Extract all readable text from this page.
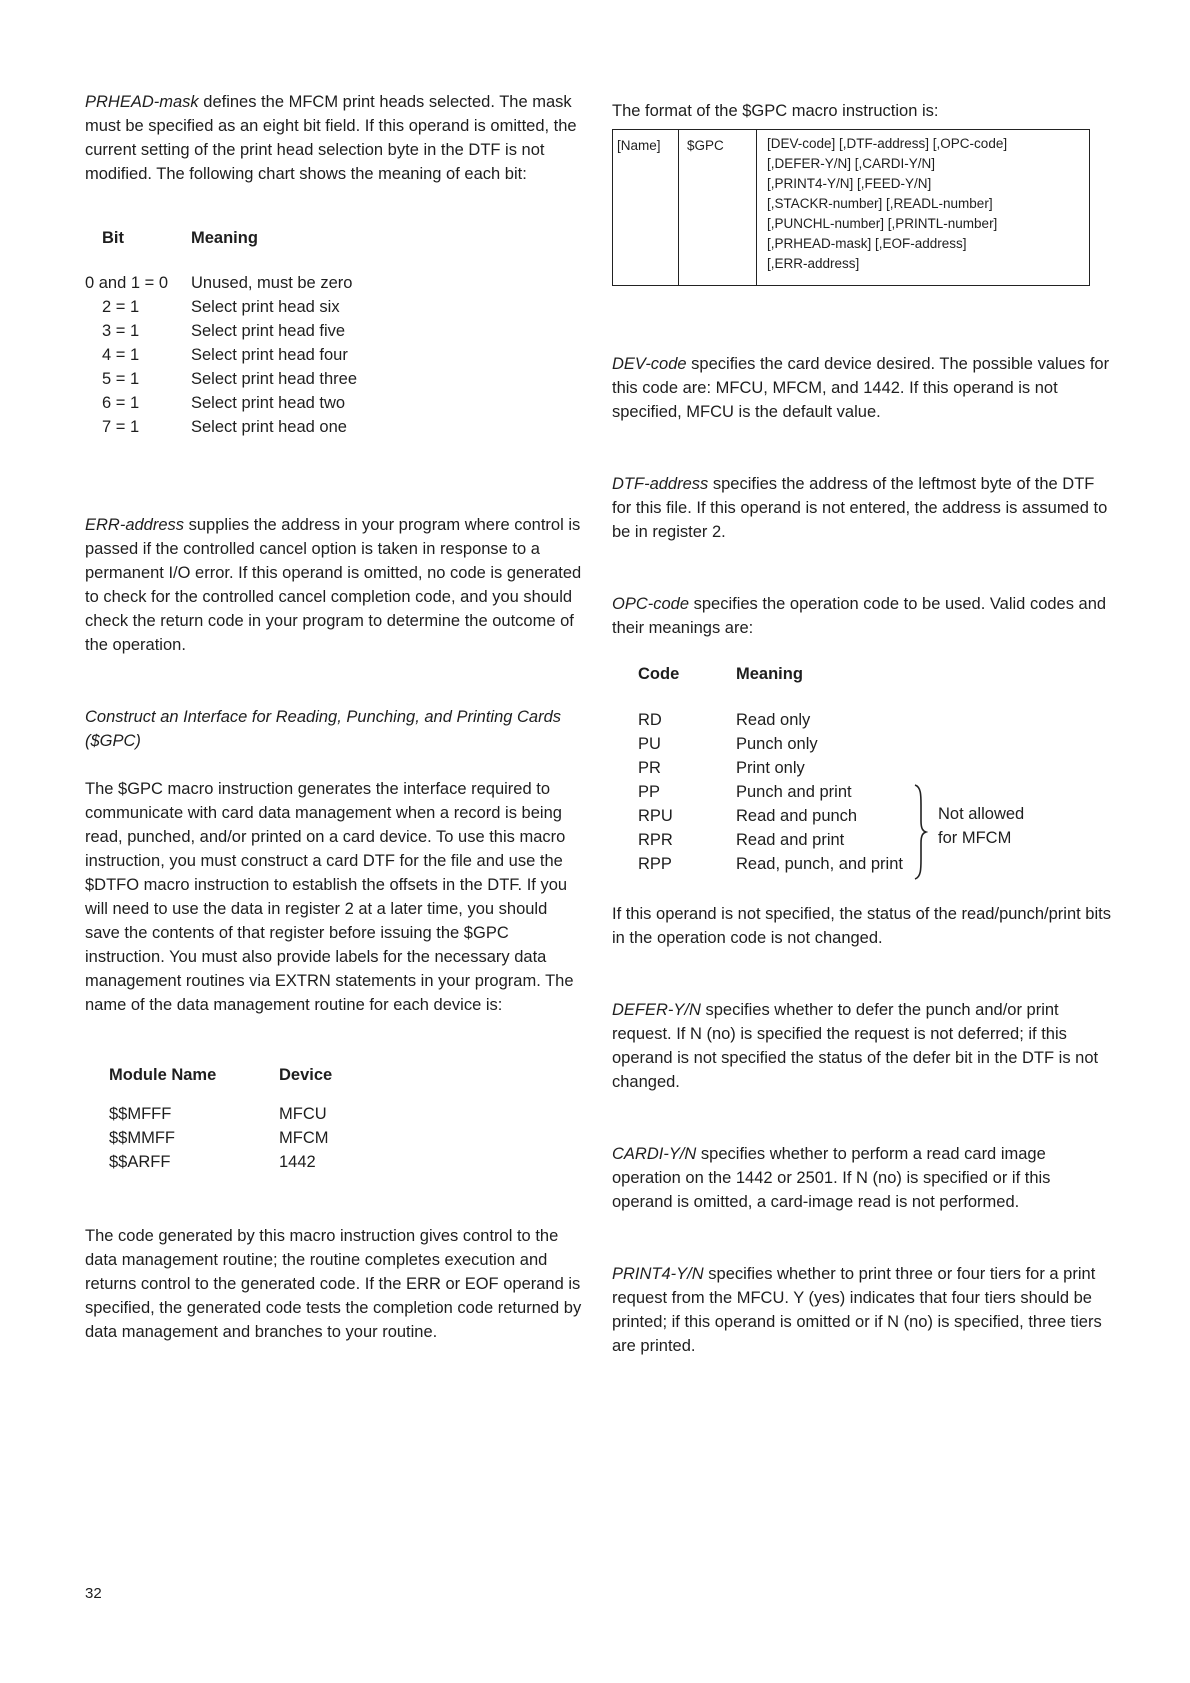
PRHEAD-mask defines the MFCM print heads selected. The mask must be specified as an eight bit field. If this operand is omitted, the current setting of the print head selection byte in the DTF is not modified. The following chart shows the meaning of each bit:

Bit	Meaning
0 and 1 = 0 Unused, must be zero
2 = 1	Select print head six
3 = 1	Select print head five
4 = 1	Select print head four
5 = 1	Select print head three
6 = 1	Select print head two
7 = 1	Select print head one

ERR-address supplies the address in your program where control is passed if the controlled cancel option is taken in response to a permanent I/O error. If this operand is omitted, no code is generated to check for the controlled cancel completion code, and you should check the return code in your program to determine the outcome of the operation.

Construct an Interface for Reading, Punching, and Printing Cards ($GPC)

The $GPC macro instruction generates the interface required to communicate with card data management when a record is being read, punched, and/or printed on a card device. To use this macro instruction, you must construct a card DTF for the file and use the $DTFO macro instruction to establish the offsets in the DTF. If you will need to use the data in register 2 at a later time, you should save the contents of that register before issuing the $GPC instruction. You must also provide labels for the necessary data management routines via EXTRN statements in your program. The name of the data management routine for each device is:

Module Name	Device
$$MFFF	MFCU
$$MMFF	MFCM
$$ARFF	1442

The code generated by this macro instruction gives control to the data management routine; the routine completes execution and returns control to the generated code. If the ERR or EOF operand is specified, the generated code tests the completion code returned by data management and branches to your routine.

The format of the $GPC macro instruction is:

[Name]	$GPC	[DEV-code] [,DTF-address] [,OPC-code]
[,DEFER-Y/N] [,CARDI-Y/N]
[,PRINT4-Y/N] [,FEED-Y/N]
[,STACKR-number] [,READL-number]
[,PUNCHL-number] [,PRINTL-number]
[,PRHEAD-mask] [,EOF-address]
[,ERR-address]

DEV-code specifies the card device desired. The possible values for this code are: MFCU, MFCM, and 1442. If this operand is not specified, MFCU is the default value.

DTF-address specifies the address of the leftmost byte of the DTF for this file. If this operand is not entered, the address is assumed to be in register 2.

OPC-code specifies the operation code to be used. Valid codes and their meanings are:

Code	Meaning
RD	Read only
PU	Punch only
PR	Print only
PP	Punch and print
RPU	Read and punch
RPR	Read and print
RPP	Read, punch, and print
Not allowed
for MFCM

If this operand is not specified, the status of the read/punch/print bits in the operation code is not changed.

DEFER-Y/N specifies whether to defer the punch and/or print request. If N (no) is specified the request is not deferred; if this operand is not specified the status of the defer bit in the DTF is not changed.

CARDI-Y/N specifies whether to perform a read card image operation on the 1442 or 2501. If N (no) is specified or if this operand is omitted, a card-image read is not performed.

PRINT4-Y/N specifies whether to print three or four tiers for a print request from the MFCU. Y (yes) indicates that four tiers should be printed; if this operand is omitted or if N (no) is specified, three tiers are printed.

32
